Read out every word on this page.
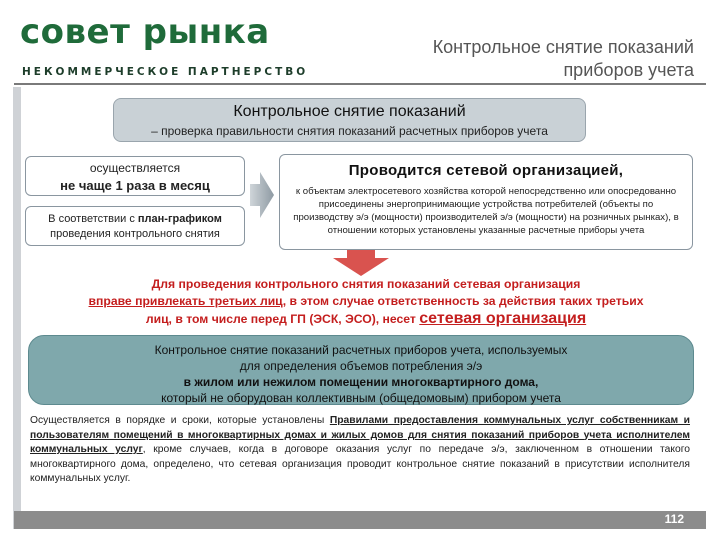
совет рынка
НЕКОММЕРЧЕСКОЕ ПАРТНЕРСТВО
Контрольное снятие показаний
приборов учета
Контрольное снятие показаний
– проверка правильности снятия показаний расчетных приборов учета
осуществляется
не чаще 1 раза в месяц
В соответствии с план-графиком
проведения контрольного снятия
Проводится сетевой организацией,
к объектам электросетевого хозяйства которой непосредственно или опосредованно присоединены энергопринимающие устройства потребителей (объекты по производству э/э (мощности) производителей э/э (мощности) на розничных рынках), в отношении которых установлены указанные расчетные приборы учета
Для проведения контрольного снятия показаний сетевая организация
вправе привлекать третьих лиц, в этом случае ответственность за действия таких третьих
лиц, в том числе перед ГП (ЭСК, ЭСО), несет сетевая организация
Контрольное снятие показаний расчетных приборов учета, используемых
для определения объемов потребления э/э
в жилом или нежилом помещении многоквартирного дома,
который не оборудован коллективным (общедомовым) прибором учета
Осуществляется в порядке и сроки, которые установлены Правилами предоставления коммунальных услуг собственникам и пользователям помещений в многоквартирных домах и жилых домов для снятия показаний приборов учета исполнителем коммунальных услуг, кроме случаев, когда в договоре оказания услуг по передаче э/э, заключенном в отношении такого многоквартирного дома, определено, что сетевая организация проводит контрольное снятие показаний в присутствии исполнителя коммунальных услуг.
112
